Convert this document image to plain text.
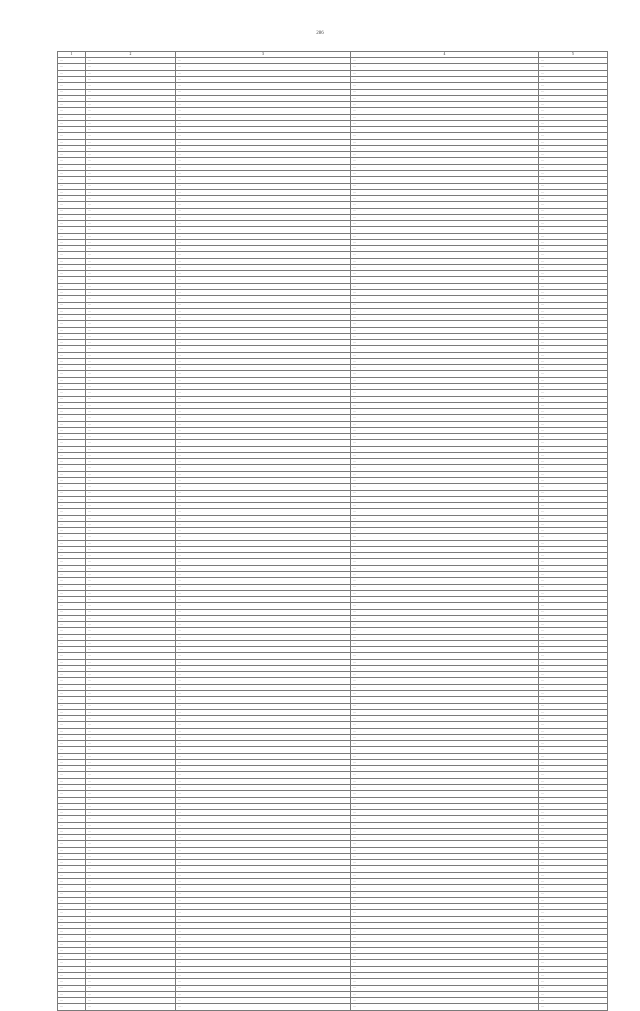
286
1	2	3	4	5
…	…	…	…	…
…	…	…	…	…
…	…	…	…	…
…	…	…	…	…
…	…	…	…	…
…	…	…	…	…
…	…	…	…	…
…	…	…	…	…
…	…	…	…	…
…	…	…	…	…
…	…	…	…	…
…	…	…	…	…
…	…	…	…	…
…	…	…	…	…
…	…	…	…	…
…	…	…	…	…
…	…	…	…	…
…	…	…	…	…
…	…	…	…	…
…	…	…	…	…
…	…	…	…	…
…	…	…	…	…
…	…	…	…	…
…	…	…	…	…
…	…	…	…	…
…	…	…	…	…
…	…	…	…	…
…	…	…	…	…
…	…	…	…	…
…	…	…	…	…
…	…	…	…	…
…	…	…	…	…
…	…	…	…	…
…	…	…	…	…
…	…	…	…	…
…	…	…	…	…
…	…	…	…	…
…	…	…	…	…
…	…	…	…	…
…	…	…	…	…
…	…	…	…	…
…	…	…	…	…
…	…	…	…	…
…	…	…	…	…
…	…	…	…	…
…	…	…	…	…
…	…	…	…	…
…	…	…	…	…
…	…	…	…	…
…	…	…	…	…
…	…	…	…	…
…	…	…	…	…
…	…	…	…	…
…	…	…	…	…
…	…	…	…	…
…	…	…	…	…
…	…	…	…	…
…	…	…	…	…
…	…	…	…	…
…	…	…	…	…
…	…	…	…	…
…	…	…	…	…
…	…	…	…	…
…	…	…	…	…
…	…	…	…	…
…	…	…	…	…
…	…	…	…	…
…	…	…	…	…
…	…	…	…	…
…	…	…	…	…
…	…	…	…	…
…	…	…	…	…
…	…	…	…	…
…	…	…	…	…
…	…	…	…	…
…	…	…	…	…
…	…	…	…	…
…	…	…	…	…
…	…	…	…	…
…	…	…	…	…
…	…	…	…	…
…	…	…	…	…
…	…	…	…	…
…	…	…	…	…
…	…	…	…	…
…	…	…	…	…
…	…	…	…	…
…	…	…	…	…
…	…	…	…	…
…	…	…	…	…
…	…	…	…	…
…	…	…	…	…
…	…	…	…	…
…	…	…	…	…
…	…	…	…	…
…	…	…	…	…
…	…	…	…	…
…	…	…	…	…
…	…	…	…	…
…	…	…	…	…
…	…	…	…	…
…	…	…	…	…
…	…	…	…	…
…	…	…	…	…
…	…	…	…	…
…	…	…	…	…
…	…	…	…	…
…	…	…	…	…
…	…	…	…	…
…	…	…	…	…
…	…	…	…	…
…	…	…	…	…
…	…	…	…	…
…	…	…	…	…
…	…	…	…	…
…	…	…	…	…
…	…	…	…	…
…	…	…	…	…
…	…	…	…	…
…	…	…	…	…
…	…	…	…	…
…	…	…	…	…
…	…	…	…	…
…	…	…	…	…
…	…	…	…	…
…	…	…	…	…
…	…	…	…	…
…	…	…	…	…
…	…	…	…	…
…	…	…	…	…
…	…	…	…	…
…	…	…	…	…
…	…	…	…	…
…	…	…	…	…
…	…	…	…	…
…	…	…	…	…
…	…	…	…	…
…	…	…	…	…
…	…	…	…	…
…	…	…	…	…
…	…	…	…	…
…	…	…	…	…
…	…	…	…	…
…	…	…	…	…
…	…	…	…	…
…	…	…	…	…
…	…	…	…	…
…	…	…	…	…
…	…	…	…	…
…	…	…	…	…
…	…	…	…	…
…	…	…	…	…
